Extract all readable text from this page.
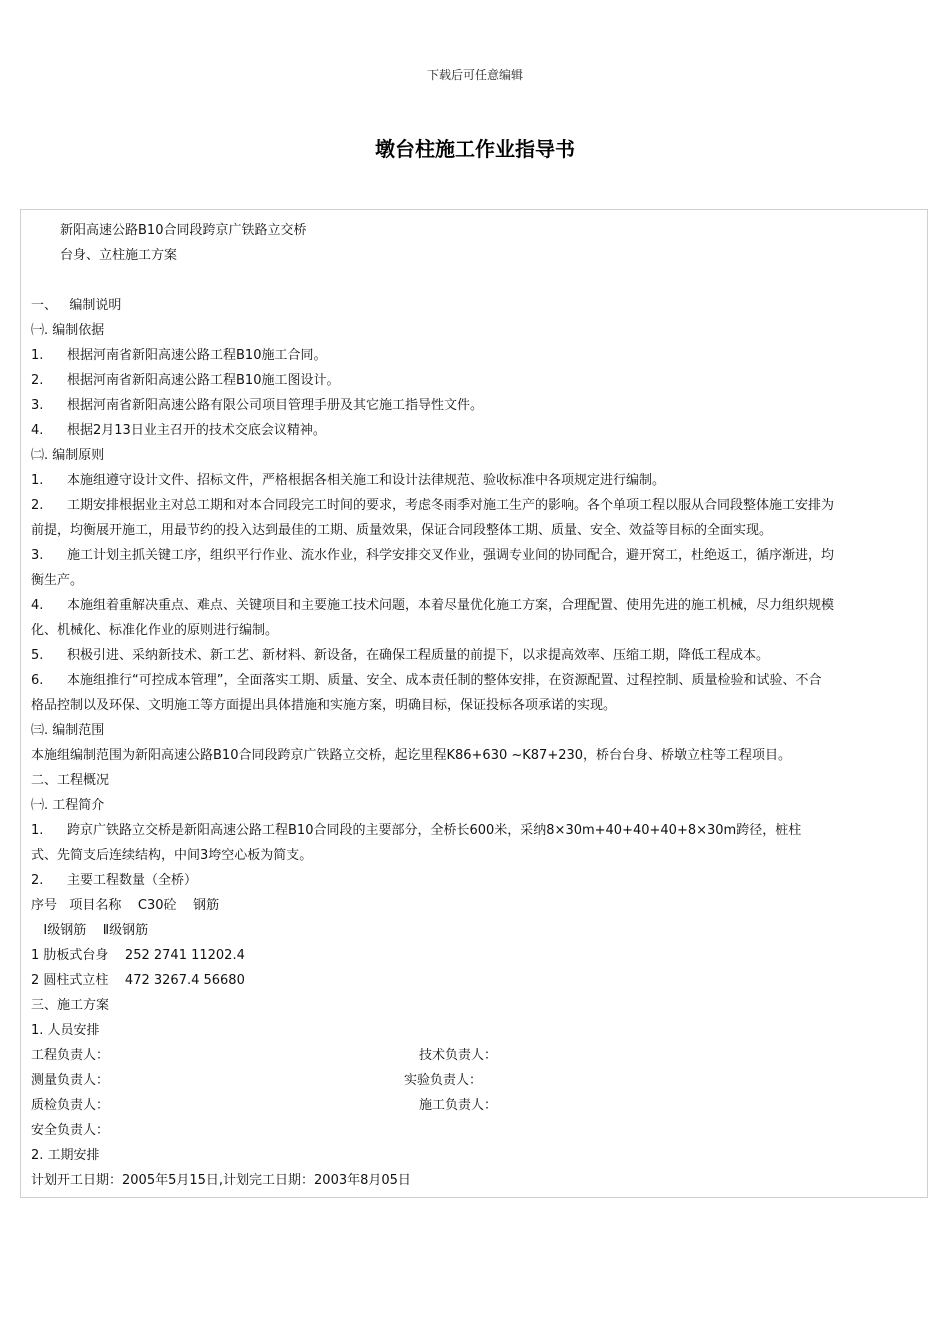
下载后可任意编辑
墩台柱施工作业指导书

新阳高速公路B10合同段跨京广铁路立交桥

台身、立柱施工方案

一、   编制说明

㈠. 编制依据

1.	根据河南省新阳高速公路工程B10施工合同。
2.	根据河南省新阳高速公路工程B10施工图设计。
3.	根据河南省新阳高速公路有限公司项目管理手册及其它施工指导性文件。
4.	根据2月13日业主召开的技术交底会议精神。

㈡. 编制原则

1.	本施组遵守设计文件、招标文件，严格根据各相关施工和设计法律规范、验收标准中各项规定进行编制。
2.	工期安排根据业主对总工期和对本合同段完工时间的要求，考虑冬雨季对施工生产的影响。各个单项工程以服从合同段整体施工安排为

前提，均衡展开施工，用最节约的投入达到最佳的工期、质量效果，保证合同段整体工期、质量、安全、效益等目标的全面实现。

3.	施工计划主抓关键工序，组织平行作业、流水作业，科学安排交叉作业，强调专业间的协同配合，避开窝工，杜绝返工，循序渐进，均

衡生产。

4.	本施组着重解决重点、难点、关键项目和主要施工技术问题，本着尽量优化施工方案，合理配置、使用先进的施工机械，尽力组织规模

化、机械化、标准化作业的原则进行编制。

5.	积极引进、采纳新技术、新工艺、新材料、新设备，在确保工程质量的前提下，以求提高效率、压缩工期，降低工程成本。
6.	本施组推行“可控成本管理”，全面落实工期、质量、安全、成本责任制的整体安排，在资源配置、过程控制、质量检验和试验、不合

格品控制以及环保、文明施工等方面提出具体措施和实施方案，明确目标，保证投标各项承诺的实现。

㈢. 编制范围

本施组编制范围为新阳高速公路B10合同段跨京广铁路立交桥，起讫里程K86+630 ~K87+230，桥台台身、桥墩立柱等工程项目。

二、工程概况

㈠. 工程简介

1.	跨京广铁路立交桥是新阳高速公路工程B10合同段的主要部分，全桥长600米，采纳8×30m+40+40+40+8×30m跨径，桩柱

式、先简支后连续结构，中间3垮空心板为简支。

2.	主要工程数量（全桥）

序号   项目名称    C30砼    钢筋

Ⅰ级钢筋    Ⅱ级钢筋

1 肋板式台身    252 2741 11202.4

2 圆柱式立柱    472 3267.4 56680

三、施工方案

1. 人员安排

工程负责人：	技术负责人：
测量负责人：	实验负责人：
质检负责人：	施工负责人：
安全负责人：

2. 工期安排

计划开工日期：2005年5月15日,计划完工日期：2003年8月05日
